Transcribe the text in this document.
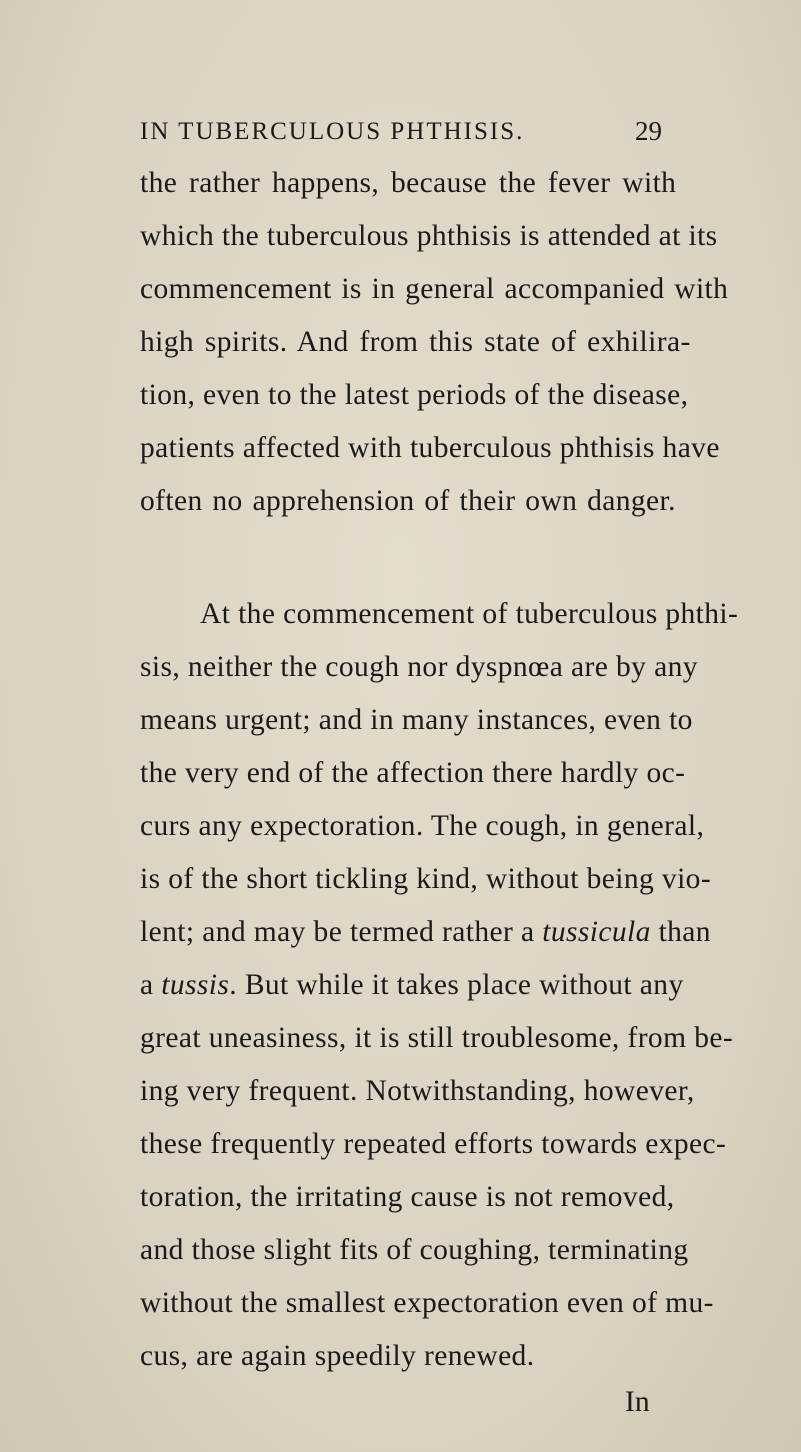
IN TUBERCULOUS PHTHISIS.	29
the rather happens, because the fever with
which the tuberculous phthisis is attended at its
commencement is in general accompanied with
high spirits. And from this state of exhilira-
tion, even to the latest periods of the disease,
patients affected with tuberculous phthisis have
often no apprehension of their own danger.
At the commencement of tuberculous phthi-
sis, neither the cough nor dyspnœa are by any
means urgent; and in many instances, even to
the very end of the affection there hardly oc-
curs any expectoration. The cough, in general,
is of the short tickling kind, without being vio-
lent; and may be termed rather a tussicula than
a tussis. But while it takes place without any
great uneasiness, it is still troublesome, from be-
ing very frequent. Notwithstanding, however,
these frequently repeated efforts towards expec-
toration, the irritating cause is not removed,
and those slight fits of coughing, terminating
without the smallest expectoration even of mu-
cus, are again speedily renewed.
In
